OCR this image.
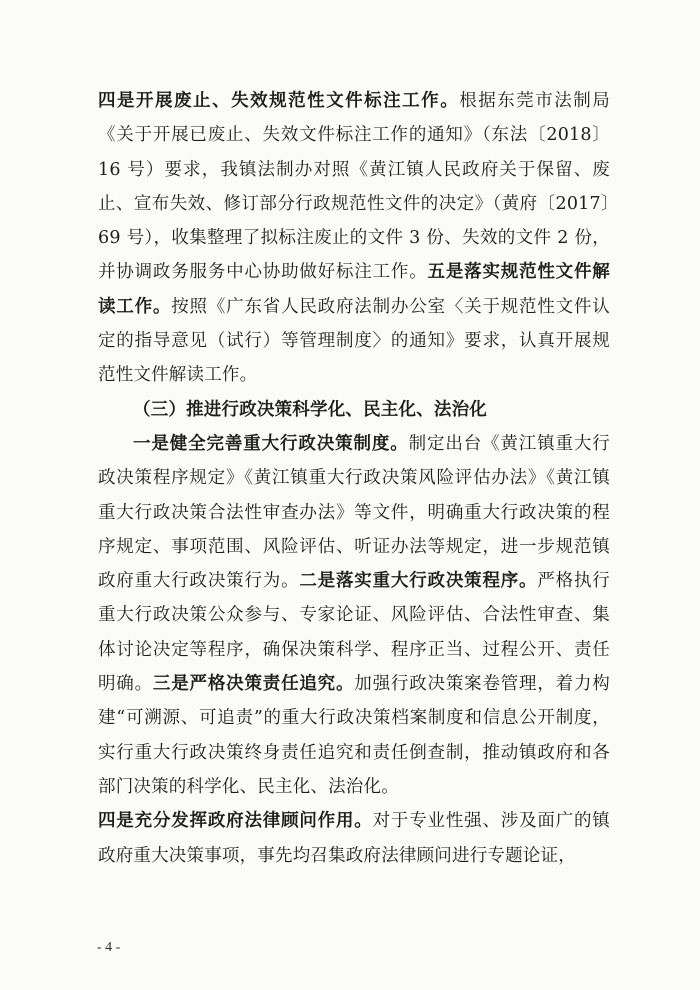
四是开展废止、失效规范性文件标注工作。根据东莞市法制局《关于开展已废止、失效文件标注工作的通知》（东法〔2018〕16 号）要求，我镇法制办对照《黄江镇人民政府关于保留、废止、宣布失效、修订部分行政规范性文件的决定》（黄府〔2017〕69 号），收集整理了拟标注废止的文件 3 份、失效的文件 2 份，并协调政务服务中心协助做好标注工作。五是落实规范性文件解读工作。按照《广东省人民政府法制办公室〈关于规范性文件认定的指导意见（试行）等管理制度〉的通知》要求，认真开展规范性文件解读工作。

（三）推进行政决策科学化、民主化、法治化

一是健全完善重大行政决策制度。制定出台《黄江镇重大行政决策程序规定》《黄江镇重大行政决策风险评估办法》《黄江镇重大行政决策合法性审查办法》等文件，明确重大行政决策的程序规定、事项范围、风险评估、听证办法等规定，进一步规范镇政府重大行政决策行为。二是落实重大行政决策程序。严格执行重大行政决策公众参与、专家论证、风险评估、合法性审查、集体讨论决定等程序，确保决策科学、程序正当、过程公开、责任明确。三是严格决策责任追究。加强行政决策案卷管理，着力构建“可溯源、可追责”的重大行政决策档案制度和信息公开制度，实行重大行政决策终身责任追究和责任倒查制，推动镇政府和各部门决策的科学化、民主化、法治化。

四是充分发挥政府法律顾问作用。对于专业性强、涉及面广的镇政府重大决策事项，事先均召集政府法律顾问进行专题论证，

- 4 -
